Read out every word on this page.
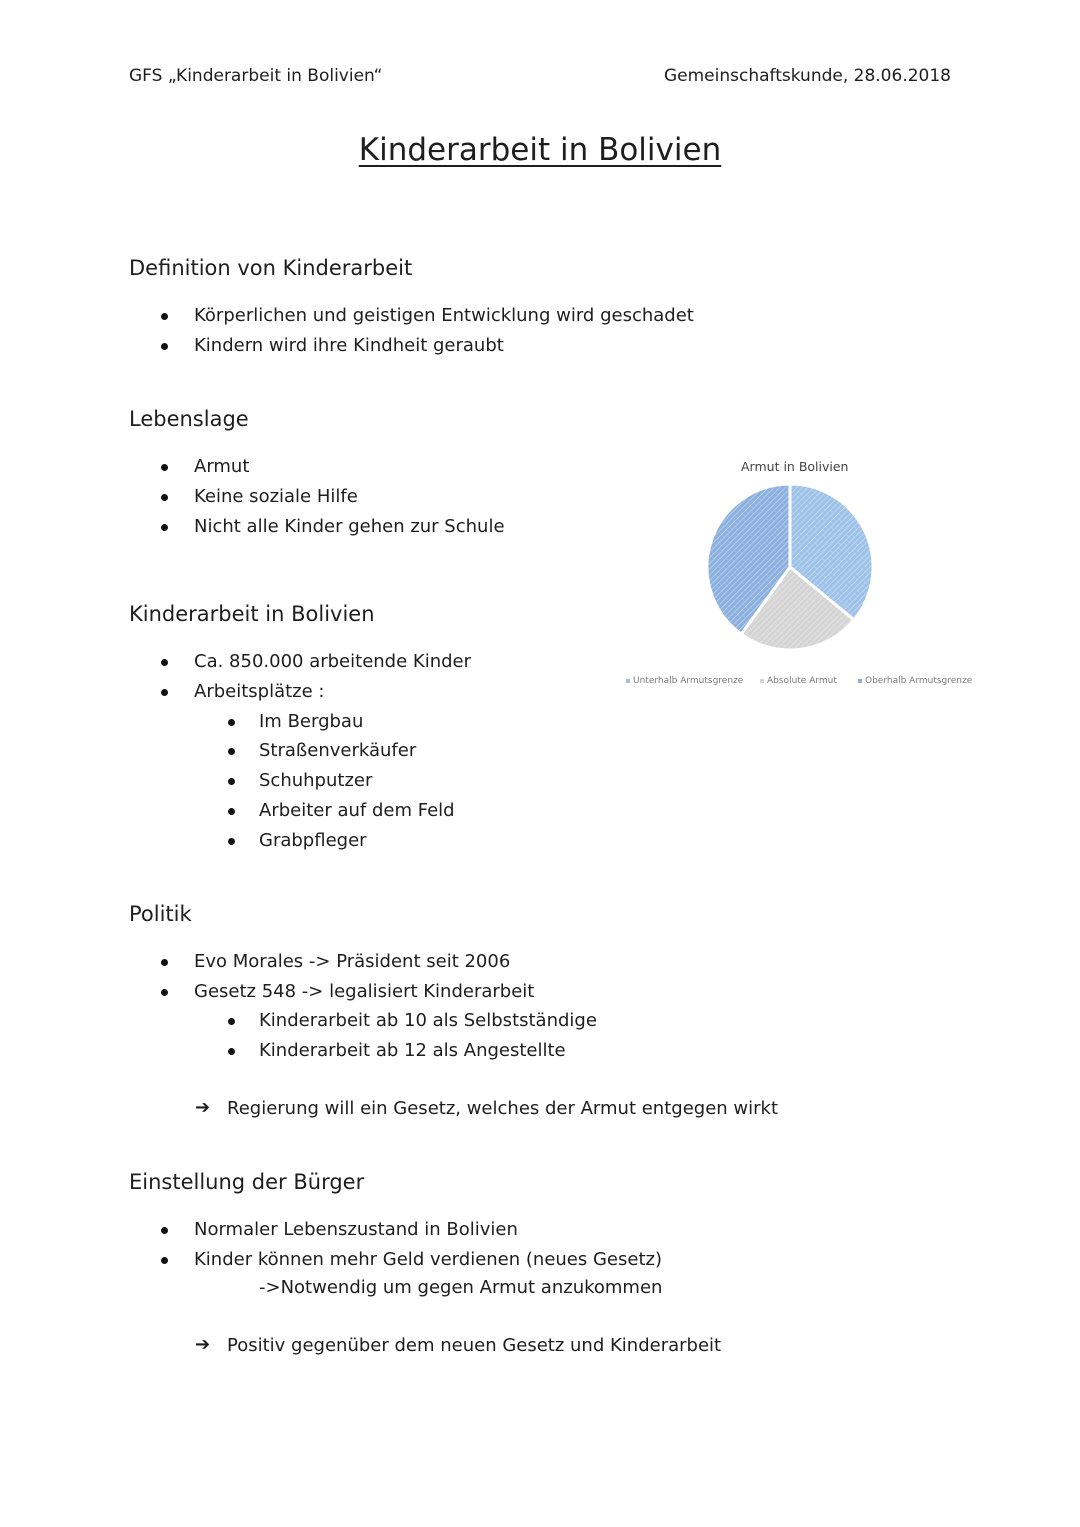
GFS „Kinderarbeit in Bolivien“	Gemeinschaftskunde, 28.06.2018
Kinderarbeit in Bolivien
Definition von Kinderarbeit
Körperlichen und geistigen Entwicklung wird geschadet
Kindern wird ihre Kindheit geraubt
Lebenslage
Armut
Keine soziale Hilfe
Nicht alle Kinder gehen zur Schule
Armut in Bolivien
Unterhalb Armutsgrenze	Absolute Armut	Oberhalb Armutsgrenze
Kinderarbeit in Bolivien
Ca. 850.000 arbeitende Kinder
Arbeitsplätze :
Im Bergbau
Straßenverkäufer
Schuhputzer
Arbeiter auf dem Feld
Grabpfleger
Politik
Evo Morales -> Präsident seit 2006
Gesetz 548 -> legalisiert Kinderarbeit
Kinderarbeit ab 10 als Selbstständige
Kinderarbeit ab 12 als Angestellte
➔ Regierung will ein Gesetz, welches der Armut entgegen wirkt
Einstellung der Bürger
Normaler Lebenszustand in Bolivien
Kinder können mehr Geld verdienen (neues Gesetz)
->Notwendig um gegen Armut anzukommen
➔ Positiv gegenüber dem neuen Gesetz und Kinderarbeit
